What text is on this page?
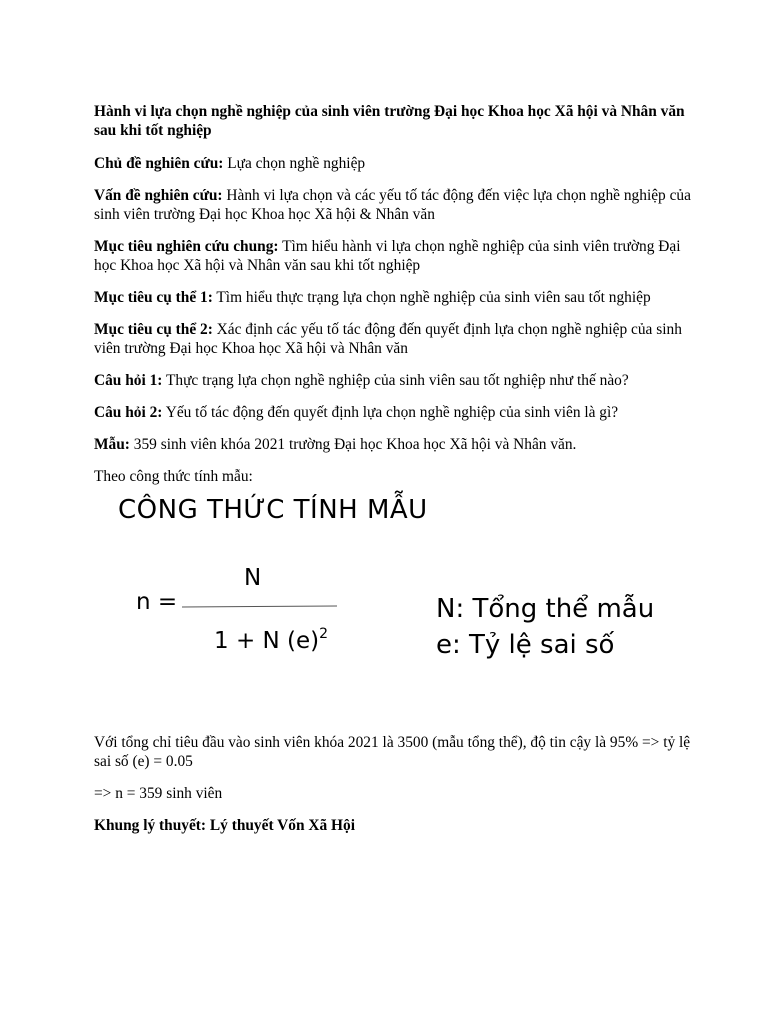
Hành vi lựa chọn nghề nghiệp của sinh viên trường Đại học Khoa học Xã hội và Nhân văn sau khi tốt nghiệp

Chủ đề nghiên cứu: Lựa chọn nghề nghiệp

Vấn đề nghiên cứu: Hành vi lựa chọn và các yếu tố tác động đến việc lựa chọn nghề nghiệp của sinh viên trường Đại học Khoa học Xã hội & Nhân văn

Mục tiêu nghiên cứu chung: Tìm hiểu hành vi lựa chọn nghề nghiệp của sinh viên trường Đại học Khoa học Xã hội và Nhân văn sau khi tốt nghiệp

Mục tiêu cụ thể 1: Tìm hiểu thực trạng lựa chọn nghề nghiệp của sinh viên sau tốt nghiệp

Mục tiêu cụ thể 2: Xác định các yếu tố tác động đến quyết định lựa chọn nghề nghiệp của sinh viên trường Đại học Khoa học Xã hội và Nhân văn

Câu hỏi 1: Thực trạng lựa chọn nghề nghiệp của sinh viên sau tốt nghiệp như thế nào?

Câu hỏi 2: Yếu tố tác động đến quyết định lựa chọn nghề nghiệp của sinh viên là gì?

Mẫu: 359 sinh viên khóa 2021 trường Đại học Khoa học Xã hội và Nhân văn.

Theo công thức tính mẫu:

CÔNG THỨC TÍNH MẪU
N
n =
1 + N $(e)^2$
N: Tổng thể mẫu
e: Tỷ lệ sai số

Với tổng chỉ tiêu đầu vào sinh viên khóa 2021 là 3500 (mẫu tổng thể), độ tin cậy là 95% => tỷ lệ sai số (e) = 0.05

=> n = 359 sinh viên

Khung lý thuyết: Lý thuyết Vốn Xã Hội
